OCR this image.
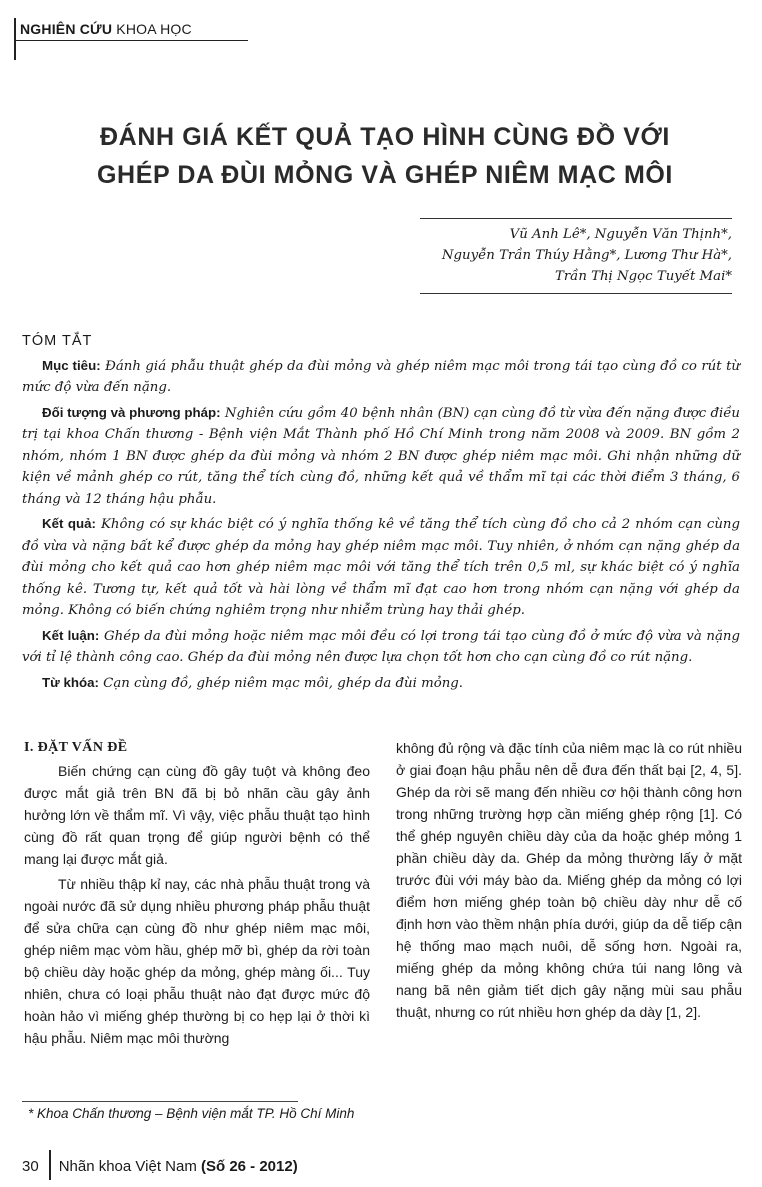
NGHIÊN CỨU KHOA HỌC
ĐÁNH GIÁ KẾT QUẢ TẠO HÌNH CÙNG ĐỒ VỚI
GHÉP DA ĐÙI MỎNG VÀ GHÉP NIÊM MẠC MÔI
Vũ Anh Lê*, Nguyễn Văn Thịnh*,
Nguyễn Trần Thúy Hằng*, Lương Thư Hà*,
Trần Thị Ngọc Tuyết Mai*
TÓM TẮT

Mục tiêu: Đánh giá phẫu thuật ghép da đùi mỏng và ghép niêm mạc môi trong tái tạo cùng đồ co rút từ mức độ vừa đến nặng.

Đối tượng và phương pháp: Nghiên cứu gồm 40 bệnh nhân (BN) cạn cùng đồ từ vừa đến nặng được điều trị tại khoa Chấn thương - Bệnh viện Mắt Thành phố Hồ Chí Minh trong năm 2008 và 2009. BN gồm 2 nhóm, nhóm 1 BN được ghép da đùi mỏng và nhóm 2 BN được ghép niêm mạc môi. Ghi nhận những dữ kiện về mảnh ghép co rút, tăng thể tích cùng đồ, những kết quả về thẩm mĩ tại các thời điểm 3 tháng, 6 tháng và 12 tháng hậu phẫu.

Kết quả: Không có sự khác biệt có ý nghĩa thống kê về tăng thể tích cùng đồ cho cả 2 nhóm cạn cùng đồ vừa và nặng bất kể được ghép da mỏng hay ghép niêm mạc môi. Tuy nhiên, ở nhóm cạn nặng ghép da đùi mỏng cho kết quả cao hơn ghép niêm mạc môi với tăng thể tích trên 0,5 ml, sự khác biệt có ý nghĩa thống kê. Tương tự, kết quả tốt và hài lòng về thẩm mĩ đạt cao hơn trong nhóm cạn nặng với ghép da mỏng. Không có biến chứng nghiêm trọng như nhiễm trùng hay thải ghép.

Kết luận: Ghép da đùi mỏng hoặc niêm mạc môi đều có lợi trong tái tạo cùng đồ ở mức độ vừa và nặng với tỉ lệ thành công cao. Ghép da đùi mỏng nên được lựa chọn tốt hơn cho cạn cùng đồ co rút nặng.

Từ khóa: Cạn cùng đồ, ghép niêm mạc môi, ghép da đùi mỏng.

I. ĐẶT VẤN ĐỀ

Biến chứng cạn cùng đồ gây tuột và không đeo được mắt giả trên BN đã bị bỏ nhãn cầu gây ảnh hưởng lớn về thẩm mĩ. Vì vậy, việc phẫu thuật tạo hình cùng đồ rất quan trọng để giúp người bệnh có thể mang lại được mắt giả.

Từ nhiều thập kỉ nay, các nhà phẫu thuật trong và ngoài nước đã sử dụng nhiều phương pháp phẫu thuật để sửa chữa cạn cùng đồ như ghép niêm mạc môi, ghép niêm mạc vòm hầu, ghép mỡ bì, ghép da rời toàn bộ chiều dày hoặc ghép da mỏng, ghép màng ối... Tuy nhiên, chưa có loại phẫu thuật nào đạt được mức độ hoàn hảo vì miếng ghép thường bị co hẹp lại ở thời kì hậu phẫu. Niêm mạc môi thường

không đủ rộng và đặc tính của niêm mạc là co rút nhiều ở giai đoạn hậu phẫu nên dễ đưa đến thất bại [2, 4, 5]. Ghép da rời sẽ mang đến nhiều cơ hội thành công hơn trong những trường hợp cần miếng ghép rộng [1]. Có thể ghép nguyên chiều dày của da hoặc ghép mỏng 1 phần chiều dày da. Ghép da mỏng thường lấy ở mặt trước đùi với máy bào da. Miếng ghép da mỏng có lợi điểm hơn miếng ghép toàn bộ chiều dày như dễ cố định hơn vào thềm nhận phía dưới, giúp da dễ tiếp cận hệ thống mao mạch nuôi, dễ sống hơn. Ngoài ra, miếng ghép da mỏng không chứa túi nang lông và nang bã nên giảm tiết dịch gây nặng mùi sau phẫu thuật, nhưng co rút nhiều hơn ghép da dày [1, 2].

* Khoa Chấn thương – Bệnh viện mắt TP. Hồ Chí Minh
30 Nhãn khoa Việt Nam (Số 26 - 2012)
